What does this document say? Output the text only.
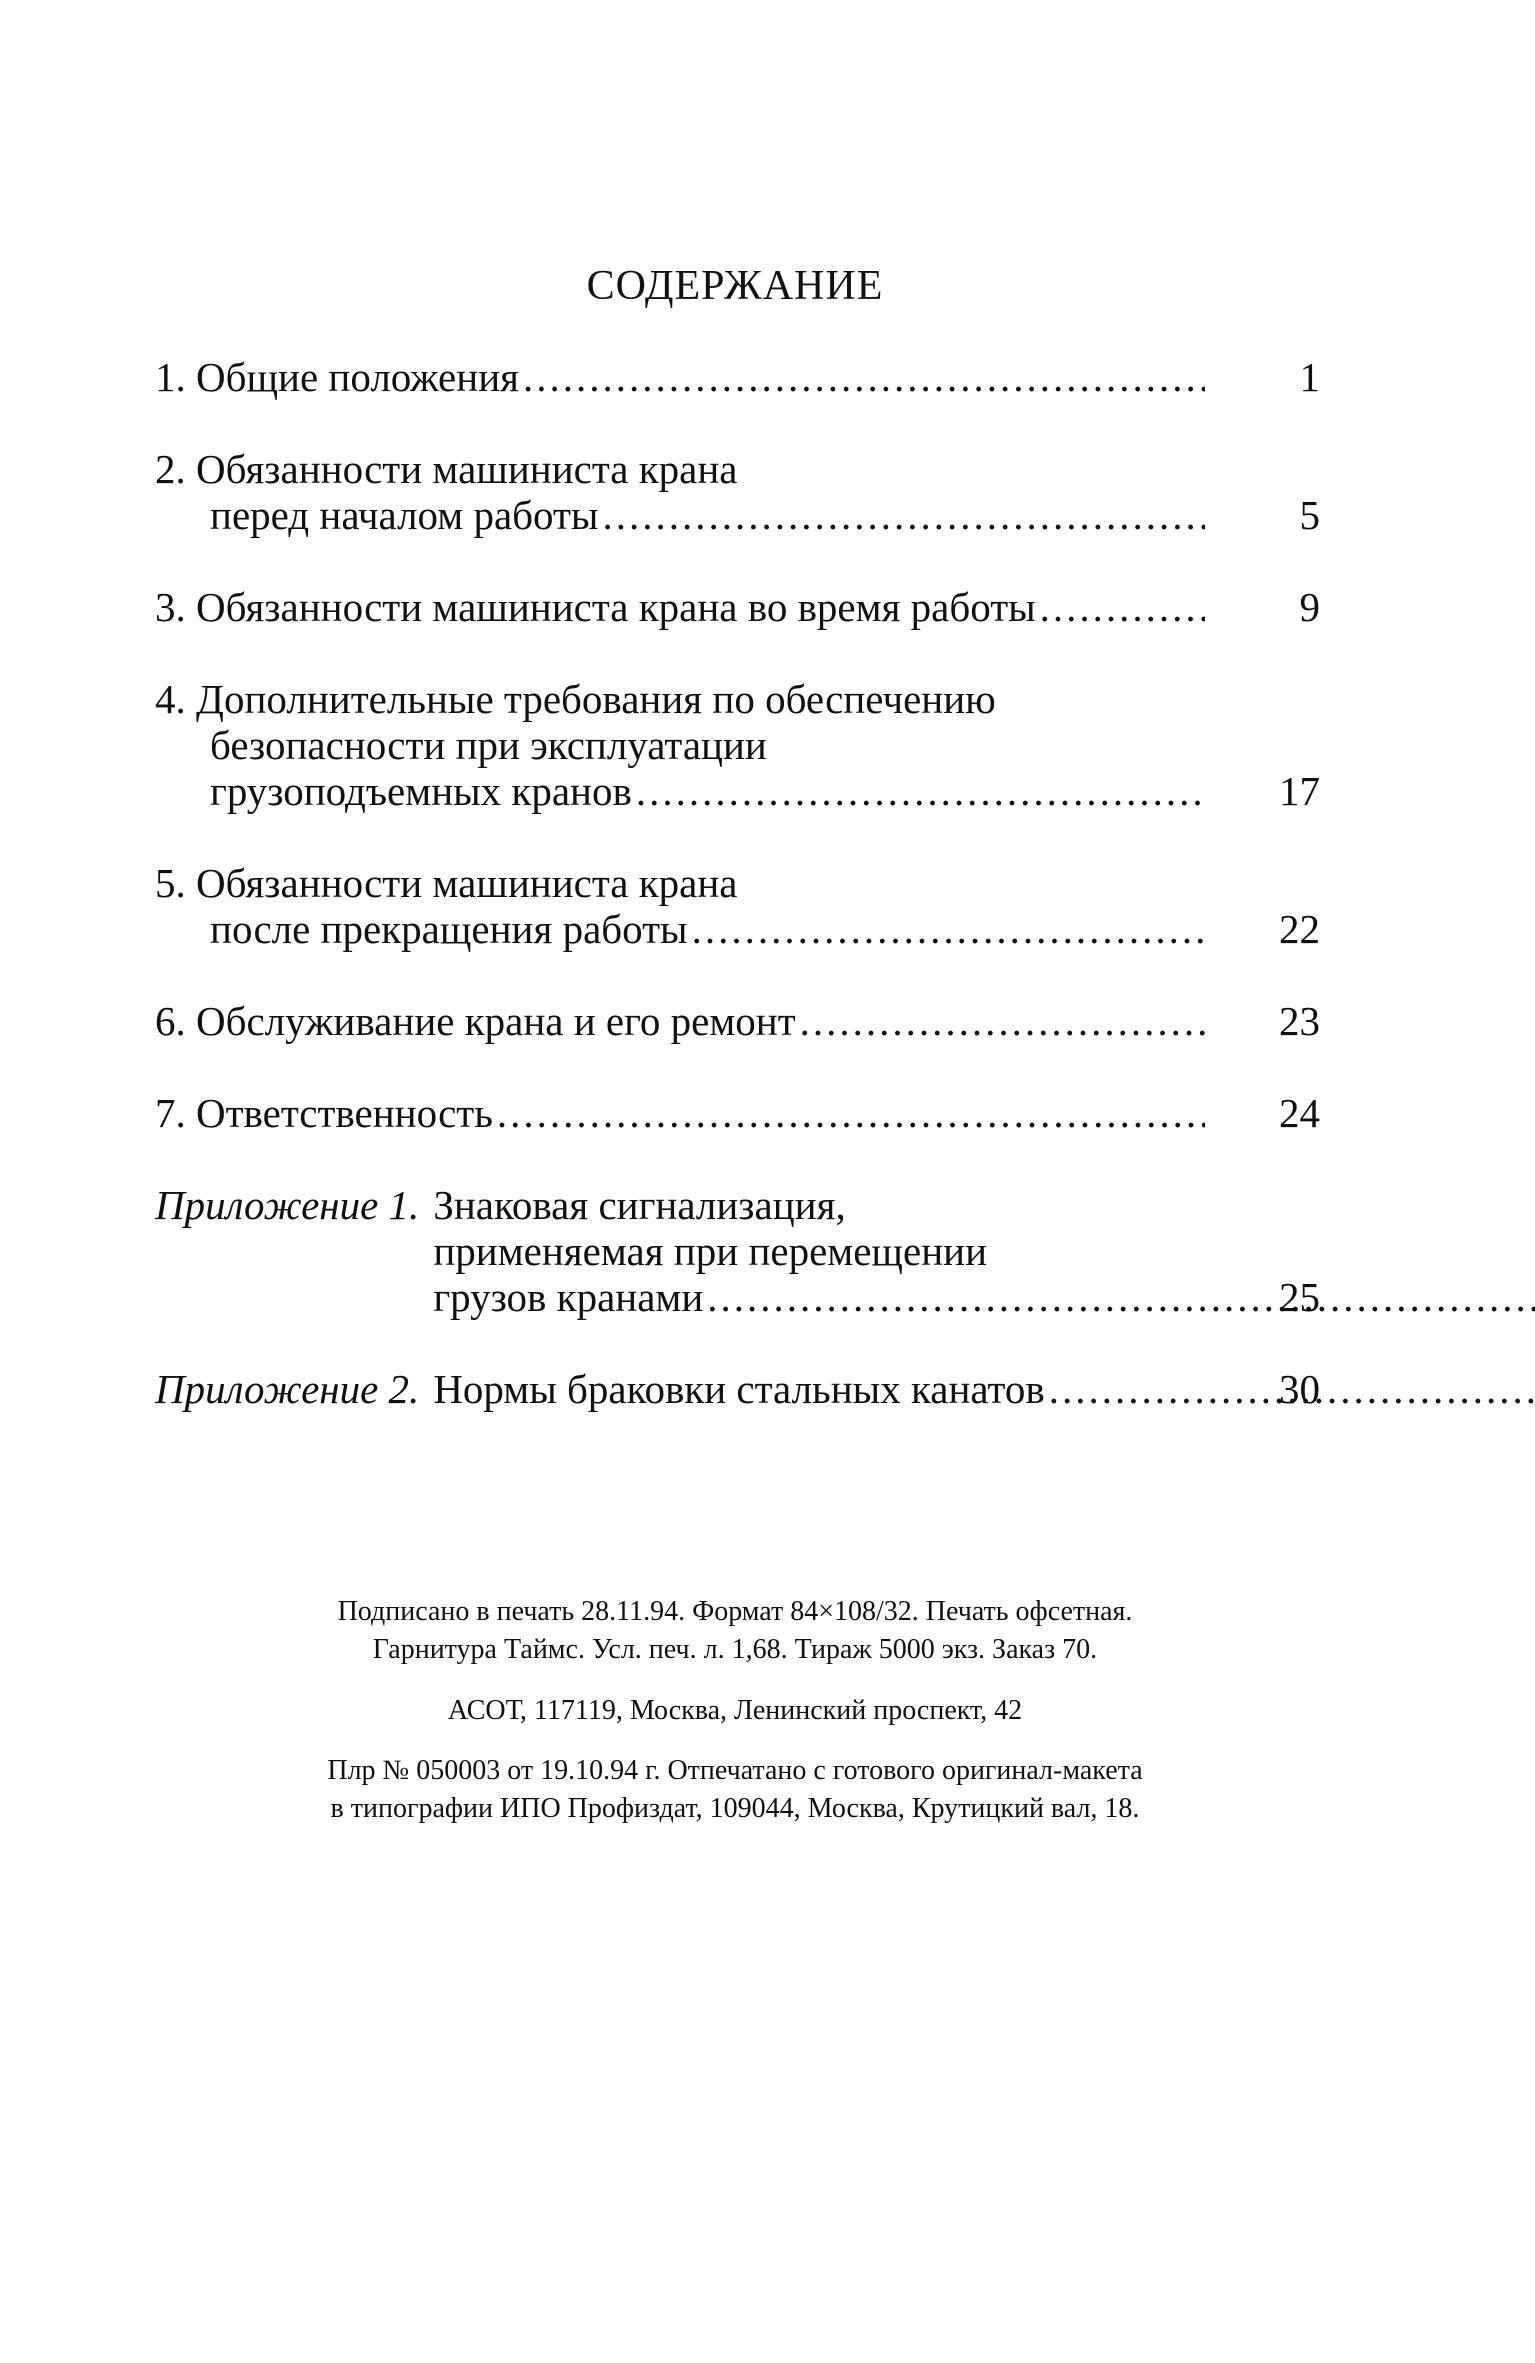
СОДЕРЖАНИЕ
1. Общие положения .....	1
2. Обязанности машиниста крана
перед началом работы .....	5
3. Обязанности машиниста крана во время работы .....	9
4. Дополнительные требования по обеспечению
безопасности при эксплуатации
грузоподъемных кранов .....	17
5. Обязанности машиниста крана
после прекращения работы .....	22
6. Обслуживание крана и его ремонт .....	23
7. Ответственность .....	24
Приложение 1. Знаковая сигнализация,
применяемая при перемещении
грузов кранами .....	25
Приложение 2. Нормы браковки стальных канатов .....	30
Подписано в печать 28.11.94. Формат 84×108/32. Печать офсетная.
Гарнитура Таймс. Усл. печ. л. 1,68. Тираж 5000 экз. Заказ 70.
АСОТ, 117119, Москва, Ленинский проспект, 42
Плр № 050003 от 19.10.94 г. Отпечатано с готового оригинал-макета
в типографии ИПО Профиздат, 109044, Москва, Крутицкий вал, 18.
